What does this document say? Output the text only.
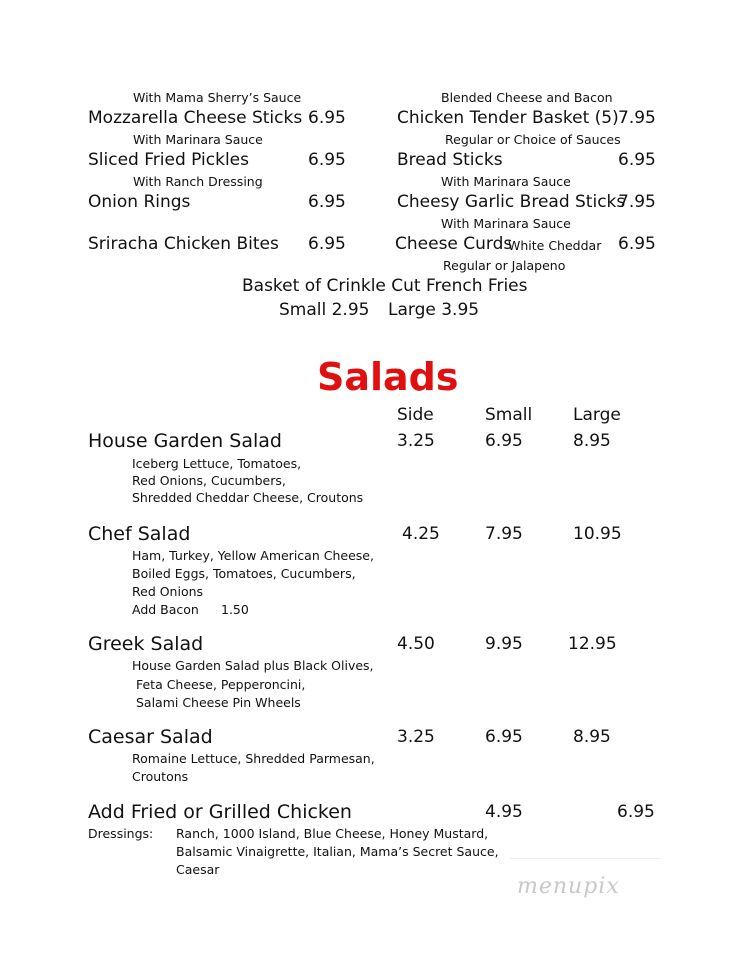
With Mama Sherry’s Sauce
Mozzarella Cheese Sticks 6.95
With Marinara Sauce
Sliced Fried Pickles	6.95
With Ranch Dressing
Onion Rings	6.95
Sriracha Chicken Bites 6.95
Blended Cheese and Bacon
Chicken Tender Basket (5) 7.95
Regular or Choice of Sauces
Bread Sticks	6.95
With Marinara Sauce
Cheesy Garlic Bread Sticks
7.95
With Marinara Sauce
Cheese Curds
White Cheddar 6.95
Regular or Jalapeno
Basket of Crinkle Cut French Fries
Small 2.95 Large 3.95
Salads
Side	Small Large
House Garden Salad	3.25	6.95	8.95
Iceberg Lettuce, Tomatoes,
Red Onions, Cucumbers,
Shredded Cheddar Cheese, Croutons
Chef Salad	4.25	7.95	10.95
Ham, Turkey, Yellow American Cheese,
Boiled Eggs, Tomatoes, Cucumbers,
Red Onions
Add Bacon 1.50
Greek Salad	4.50	9.95	12.95
House Garden Salad plus Black Olives,
Feta Cheese, Pepperoncini,
Salami Cheese Pin Wheels
Caesar Salad	3.25	6.95	8.95
Romaine Lettuce, Shredded Parmesan,
Croutons
Add Fried or Grilled Chicken	4.95	6.95
Dressings: Ranch, 1000 Island, Blue Cheese, Honey Mustard,
Balsamic Vinaigrette, Italian, Mama’s Secret Sauce,
Caesar
menupix
